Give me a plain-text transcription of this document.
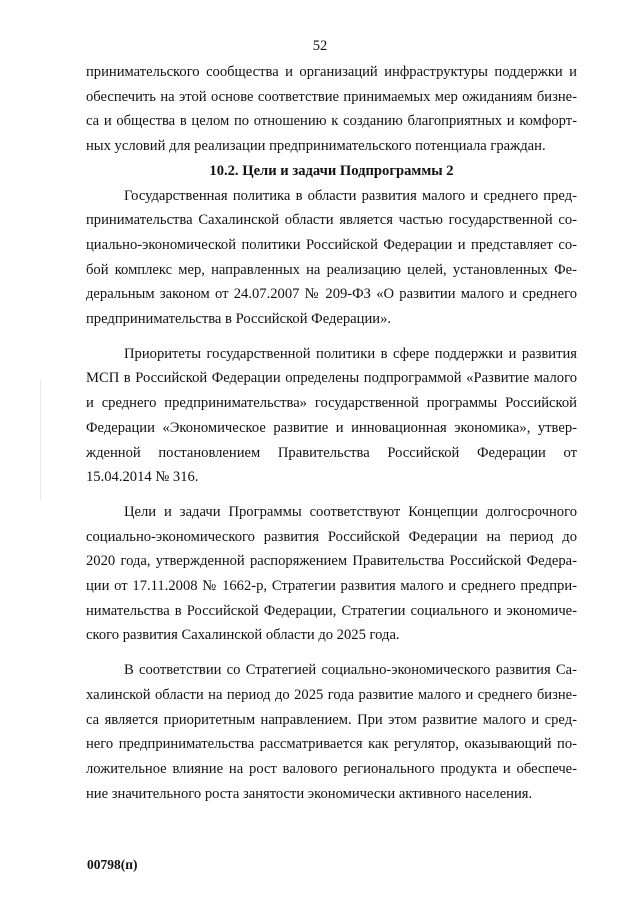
52
принимательского сообщества и организаций инфраструктуры поддержки и
обеспечить на этой основе соответствие принимаемых мер ожиданиям бизне-
са и общества в целом по отношению к созданию благоприятных и комфорт-
ных условий для реализации предпринимательского потенциала граждан.
10.2. Цели и задачи Подпрограммы 2
Государственная политика в области развития малого и среднего пред-
принимательства Сахалинской области является частью государственной со-
циально-экономической политики Российской Федерации и представляет со-
бой комплекс мер, направленных на реализацию целей, установленных Фе-
деральным законом от 24.07.2007 № 209-ФЗ «О развитии малого и среднего
предпринимательства в Российской Федерации».
Приоритеты государственной политики в сфере поддержки и развития
МСП в Российской Федерации определены подпрограммой «Развитие малого
и среднего предпринимательства» государственной программы Российской
Федерации «Экономическое развитие и инновационная экономика», утвер-
жденной постановлением Правительства Российской Федерации от
15.04.2014 № 316.
Цели и задачи Программы соответствуют Концепции долгосрочного
социально-экономического развития Российской Федерации на период до
2020 года, утвержденной распоряжением Правительства Российской Федера-
ции от 17.11.2008 № 1662-р, Стратегии развития малого и среднего предпри-
нимательства в Российской Федерации, Стратегии социального и экономиче-
ского развития Сахалинской области до 2025 года.
В соответствии со Стратегией социально-экономического развития Са-
халинской области на период до 2025 года развитие малого и среднего бизне-
са является приоритетным направлением. При этом развитие малого и сред-
него предпринимательства рассматривается как регулятор, оказывающий по-
ложительное влияние на рост валового регионального продукта и обеспече-
ние значительного роста занятости экономически активного населения.
00798(п)
